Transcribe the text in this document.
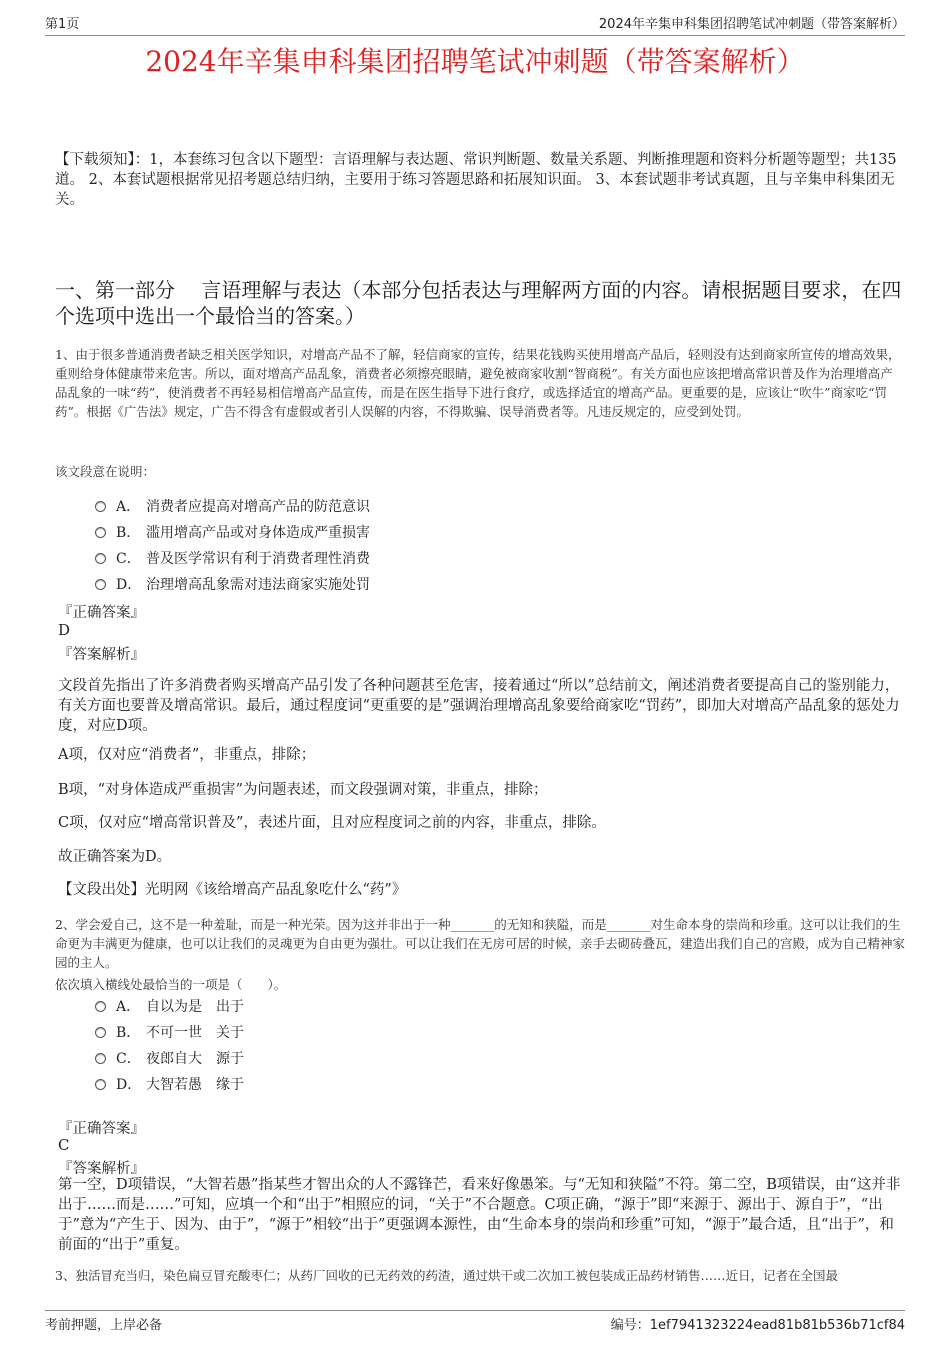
第1页	2024年辛集申科集团招聘笔试冲刺题（带答案解析）
2024年辛集申科集团招聘笔试冲刺题（带答案解析）
【下载须知】：1，本套练习包含以下题型：言语理解与表达题、常识判断题、数量关系题、判断推理题和资料分析题等题型；共135道。 2、本套试题根据常见招考题总结归纳，主要用于练习答题思路和拓展知识面。 3、本套试题非考试真题，且与辛集申科集团无关。
一、第一部分　 言语理解与表达（本部分包括表达与理解两方面的内容。请根据题目要求，在四个选项中选出一个最恰当的答案。）
1、由于很多普通消费者缺乏相关医学知识，对增高产品不了解，轻信商家的宣传，结果花钱购买使用增高产品后，轻则没有达到商家所宣传的增高效果，重则给身体健康带来危害。所以，面对增高产品乱象，消费者必须擦亮眼睛，避免被商家收割“智商税”。有关方面也应该把增高常识普及作为治理增高产品乱象的一味“药”，使消费者不再轻易相信增高产品宣传，而是在医生指导下进行食疗，或选择适宜的增高产品。更重要的是，应该让“吹牛”商家吃“罚药”。根据《广告法》规定，广告不得含有虚假或者引人误解的内容，不得欺骗、误导消费者等。凡违反规定的，应受到处罚。
该文段意在说明：
A． 消费者应提高对增高产品的防范意识
B． 滥用增高产品或对身体造成严重损害
C． 普及医学常识有利于消费者理性消费
D． 治理增高乱象需对违法商家实施处罚
『正确答案』
D
『答案解析』
文段首先指出了许多消费者购买增高产品引发了各种问题甚至危害，接着通过“所以”总结前文，阐述消费者要提高自己的鉴别能力，有关方面也要普及增高常识。最后，通过程度词“更重要的是”强调治理增高乱象要给商家吃“罚药”，即加大对增高产品乱象的惩处力度，对应D项。
A项，仅对应“消费者”，非重点，排除；
B项，“对身体造成严重损害”为问题表述，而文段强调对策，非重点，排除；
C项，仅对应“增高常识普及”，表述片面，且对应程度词之前的内容，非重点，排除。
故正确答案为D。
【文段出处】光明网《该给增高产品乱象吃什么“药”》
2、学会爱自己，这不是一种羞耻，而是一种光荣。因为这并非出于一种_______的无知和狭隘，而是_______对生命本身的崇尚和珍重。这可以让我们的生命更为丰满更为健康，也可以让我们的灵魂更为自由更为强壮。可以让我们在无房可居的时候，亲手去砌砖叠瓦，建造出我们自己的宫殿，成为自己精神家园的主人。
依次填入横线处最恰当的一项是（　　）。
A． 自以为是　出于
B． 不可一世　关于
C． 夜郎自大　源于
D． 大智若愚　缘于
『正确答案』
C
『答案解析』
第一空，D项错误，“大智若愚”指某些才智出众的人不露锋芒，看来好像愚笨。与“无知和狭隘”不符。第二空，B项错误，由“这并非出于……而是……”可知，应填一个和“出于”相照应的词，“关于”不合题意。C项正确，“源于”即“来源于、源出于、源自于”，“出于”意为“产生于、因为、由于”，“源于”相较“出于”更强调本源性，由“生命本身的崇尚和珍重”可知，“源于”最合适，且“出于”，和前面的“出于”重复。
3、独活冒充当归，染色扁豆冒充酸枣仁；从药厂回收的已无药效的药渣，通过烘干或二次加工被包装成正品药材销售……近日，记者在全国最
考前押题，上岸必备	编号：1ef7941323224ead81b81b536b71cf84
